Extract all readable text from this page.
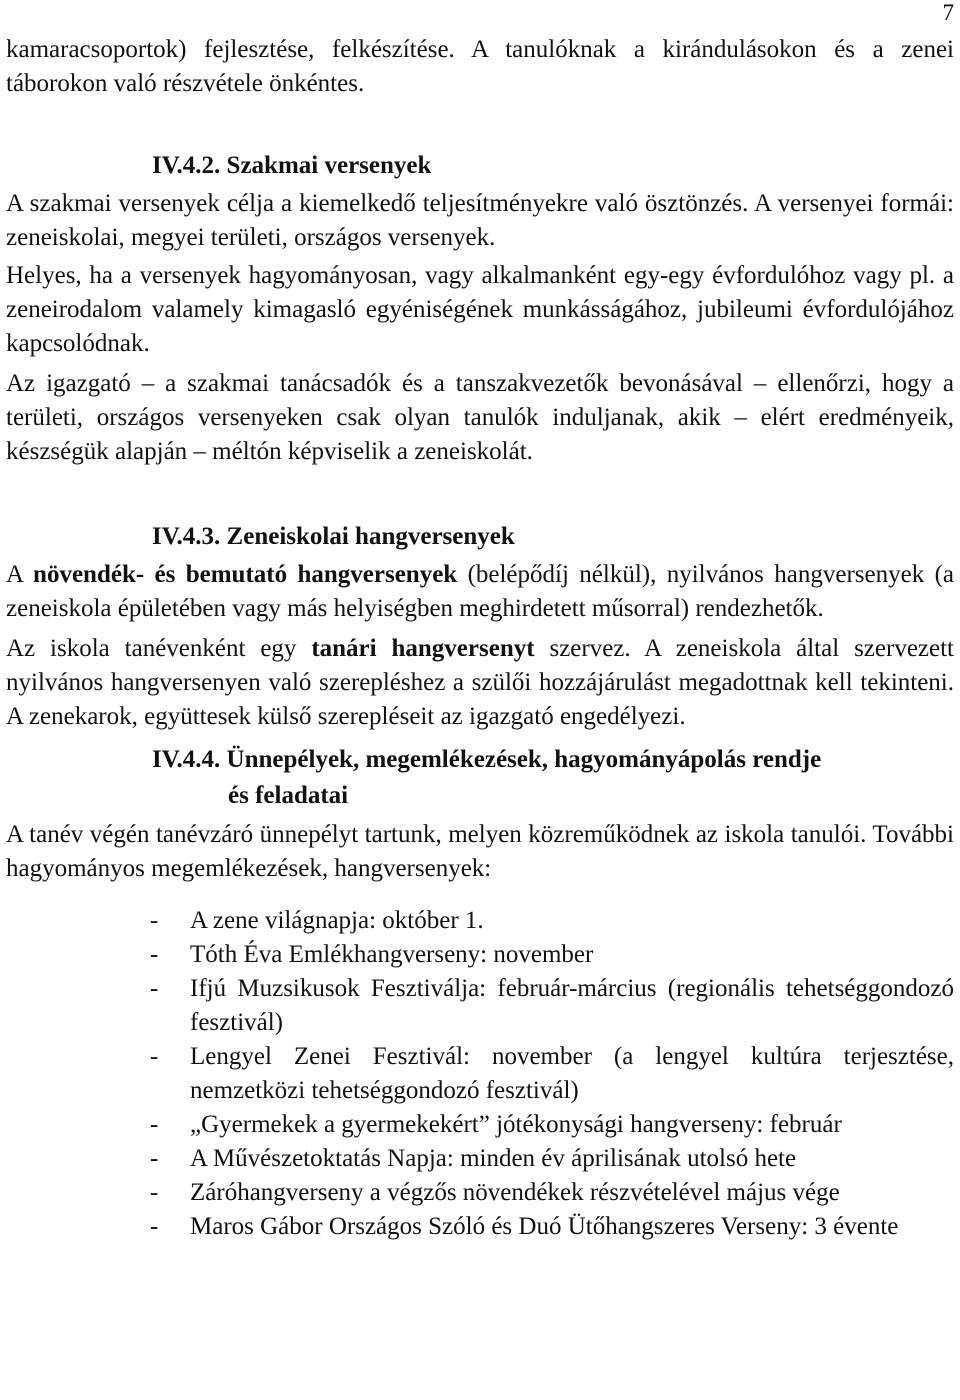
7

kamaracsoportok) fejlesztése, felkészítése. A tanulóknak a kirándulásokon és a zenei táborokon való részvétele önkéntes.

IV.4.2. Szakmai versenyek

A szakmai versenyek célja a kiemelkedő teljesítményekre való ösztönzés. A versenyei formái: zeneiskolai, megyei területi, országos versenyek.

Helyes, ha a versenyek hagyományosan, vagy alkalmanként egy-egy évfordulóhoz vagy pl. a zeneirodalom valamely kimagasló egyéniségének munkásságához, jubileumi évfordulójához kapcsolódnak.

Az igazgató – a szakmai tanácsadók és a tanszakvezetők bevonásával – ellenőrzi, hogy a területi, országos versenyeken csak olyan tanulók induljanak, akik – elért eredményeik, készségük alapján – méltón képviselik a zeneiskolát.

IV.4.3. Zeneiskolai hangversenyek

A növendék- és bemutató hangversenyek (belépődíj nélkül), nyilvános hangversenyek (a zeneiskola épületében vagy más helyiségben meghirdetett műsorral) rendezhetők.

Az iskola tanévenként egy tanári hangversenyt szervez. A zeneiskola által szervezett nyilvános hangversenyen való szerepléshez a szülői hozzájárulást megadottnak kell tekinteni. A zenekarok, együttesek külső szerepléseit az igazgató engedélyezi.

IV.4.4. Ünnepélyek, megemlékezések, hagyományápolás rendje
és feladatai

A tanév végén tanévzáró ünnepélyt tartunk, melyen közreműködnek az iskola tanulói. További hagyományos megemlékezések, hangversenyek:

- A zene világnapja: október 1.
- Tóth Éva Emlékhangverseny: november
- Ifjú Muzsikusok Fesztiválja: február-március (regionális tehetséggondozó fesztivál)
- Lengyel Zenei Fesztivál: november (a lengyel kultúra terjesztése, nemzetközi tehetséggondozó fesztivál)
- „Gyermekek a gyermekekért” jótékonysági hangverseny: február
- A Művészetoktatás Napja: minden év áprilisának utolsó hete
- Záróhangverseny a végzős növendékek részvételével május vége
- Maros Gábor Országos Szóló és Duó Ütőhangszeres Verseny: 3 évente
